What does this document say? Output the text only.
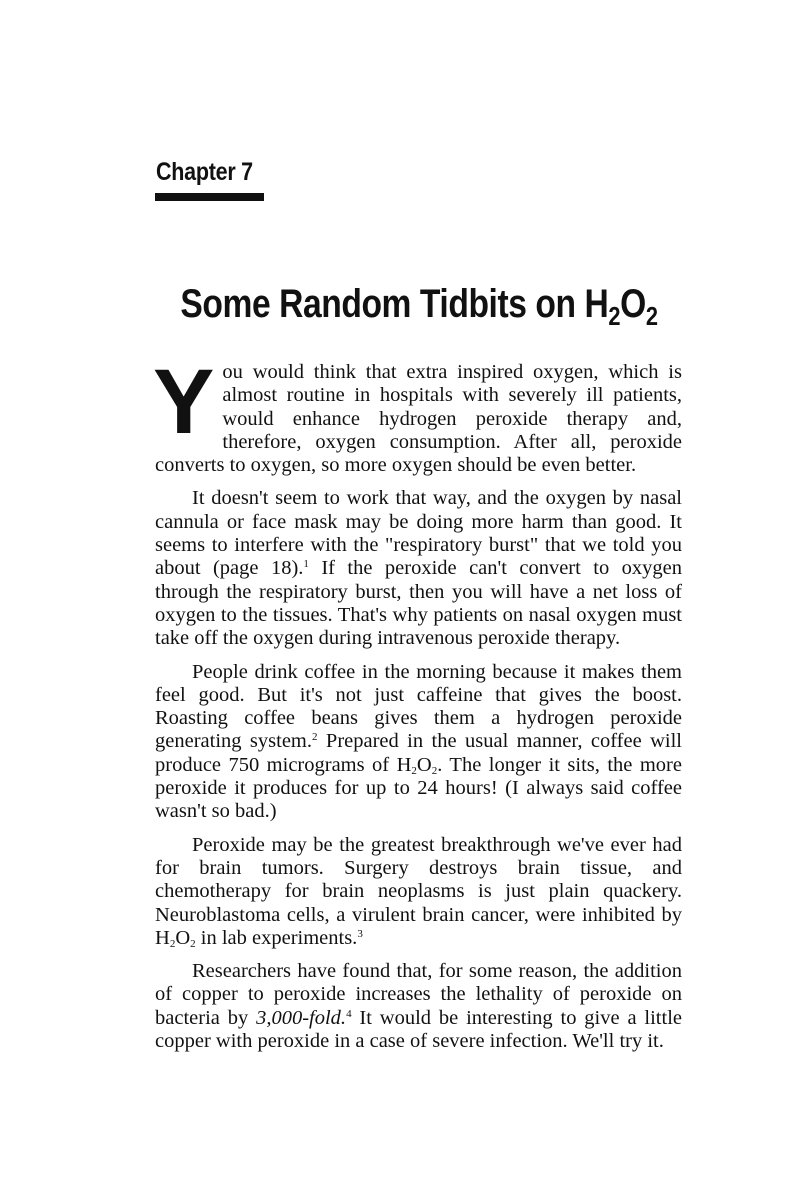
Chapter 7
Some Random Tidbits on $H_2O_2$

You would think that extra inspired oxygen, which is almost routine in hospitals with severely ill patients, would enhance hydrogen peroxide therapy and, therefore, oxygen consumption. After all, peroxide converts to oxygen, so more oxygen should be even better.

It doesn't seem to work that way, and the oxygen by nasal cannula or face mask may be doing more harm than good. It seems to interfere with the "respiratory burst" that we told you about (page 18).$^1$ If the peroxide can't convert to oxygen through the respiratory burst, then you will have a net loss of oxygen to the tissues. That's why patients on nasal oxygen must take off the oxygen during intravenous peroxide therapy.

People drink coffee in the morning because it makes them feel good. But it's not just caffeine that gives the boost. Roasting coffee beans gives them a hydrogen peroxide generating system.$^2$ Prepared in the usual manner, coffee will produce 750 micrograms of $H_2O_2$. The longer it sits, the more peroxide it produces for up to 24 hours! (I always said coffee wasn't so bad.)

Peroxide may be the greatest breakthrough we've ever had for brain tumors. Surgery destroys brain tissue, and chemotherapy for brain neoplasms is just plain quackery. Neuroblastoma cells, a virulent brain cancer, were inhibited by $H_2O_2$ in lab experiments.$^3$

Researchers have found that, for some reason, the addition of copper to peroxide increases the lethality of peroxide on bacteria by 3,000-fold.$^4$ It would be interesting to give a little copper with peroxide in a case of severe infection. We'll try it.
